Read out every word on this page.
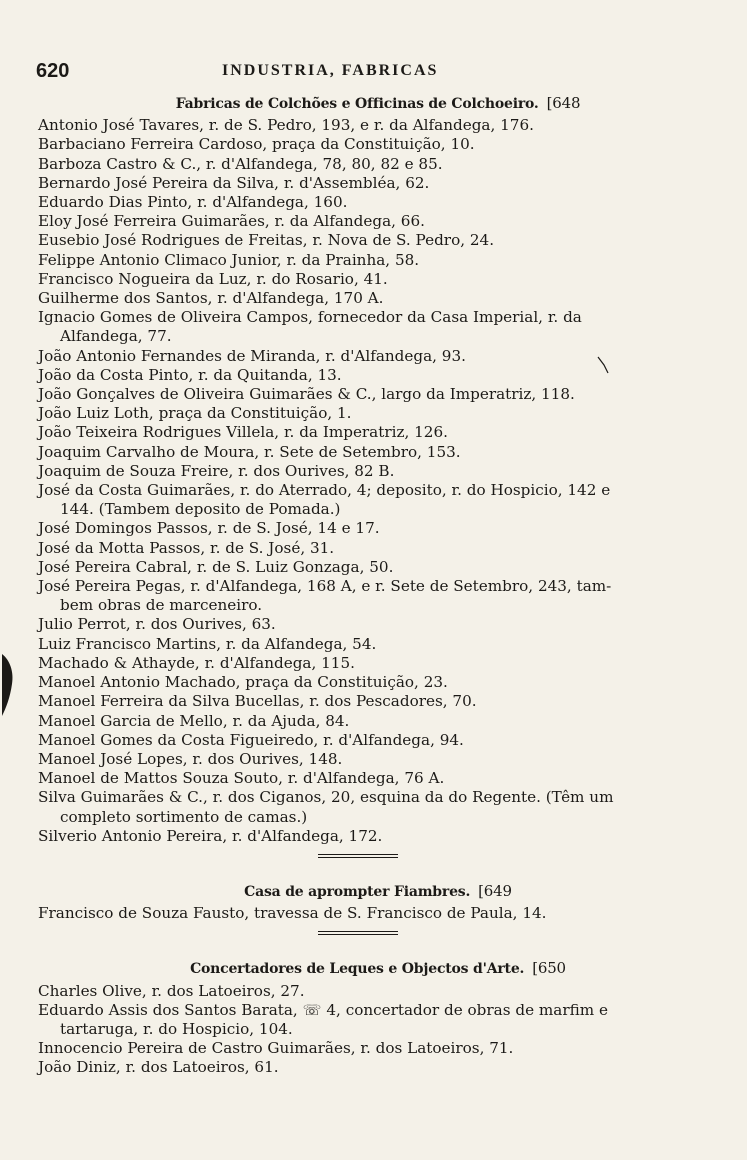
620	INDUSTRIA, FABRICAS
Fabricas de Colchões e Officinas de Colchoeiro. [648
Antonio José Tavares, r. de S. Pedro, 193, e r. da Alfandega, 176.
Barbaciano Ferreira Cardoso, praça da Constituição, 10.
Barboza Castro & C., r. d'Alfandega, 78, 80, 82 e 85.
Bernardo José Pereira da Silva, r. d'Assembléa, 62.
Eduardo Dias Pinto, r. d'Alfandega, 160.
Eloy José Ferreira Guimarães, r. da Alfandega, 66.
Eusebio José Rodrigues de Freitas, r. Nova de S. Pedro, 24.
Felippe Antonio Climaco Junior, r. da Prainha, 58.
Francisco Nogueira da Luz, r. do Rosario, 41.
Guilherme dos Santos, r. d'Alfandega, 170 A.
Ignacio Gomes de Oliveira Campos, fornecedor da Casa Imperial, r. da
Alfandega, 77.
João Antonio Fernandes de Miranda, r. d'Alfandega, 93.
João da Costa Pinto, r. da Quitanda, 13.
João Gonçalves de Oliveira Guimarães & C., largo da Imperatriz, 118.
João Luiz Loth, praça da Constituição, 1.
João Teixeira Rodrigues Villela, r. da Imperatriz, 126.
Joaquim Carvalho de Moura, r. Sete de Setembro, 153.
Joaquim de Souza Freire, r. dos Ourives, 82 B.
José da Costa Guimarães, r. do Aterrado, 4; deposito, r. do Hospicio, 142 e
144. (Tambem deposito de Pomada.)
José Domingos Passos, r. de S. José, 14 e 17.
José da Motta Passos, r. de S. José, 31.
José Pereira Cabral, r. de S. Luiz Gonzaga, 50.
José Pereira Pegas, r. d'Alfandega, 168 A, e r. Sete de Setembro, 243, tam-
bem obras de marceneiro.
Julio Perrot, r. dos Ourives, 63.
Luiz Francisco Martins, r. da Alfandega, 54.
Machado & Athayde, r. d'Alfandega, 115.
Manoel Antonio Machado, praça da Constituição, 23.
Manoel Ferreira da Silva Bucellas, r. dos Pescadores, 70.
Manoel Garcia de Mello, r. da Ajuda, 84.
Manoel Gomes da Costa Figueiredo, r. d'Alfandega, 94.
Manoel José Lopes, r. dos Ourives, 148.
Manoel de Mattos Souza Souto, r. d'Alfandega, 76 A.
Silva Guimarães & C., r. dos Ciganos, 20, esquina da do Regente. (Têm um
completo sortimento de camas.)
Silverio Antonio Pereira, r. d'Alfandega, 172.
Casa de aprompter Fiambres. [649
Francisco de Souza Fausto, travessa de S. Francisco de Paula, 14.
Concertadores de Leques e Objectos d'Arte. [650
Charles Olive, r. dos Latoeiros, 27.
Eduardo Assis dos Santos Barata, ☏ 4, concertador de obras de marfim e
tartaruga, r. do Hospicio, 104.
Innocencio Pereira de Castro Guimarães, r. dos Latoeiros, 71.
João Diniz, r. dos Latoeiros, 61.
